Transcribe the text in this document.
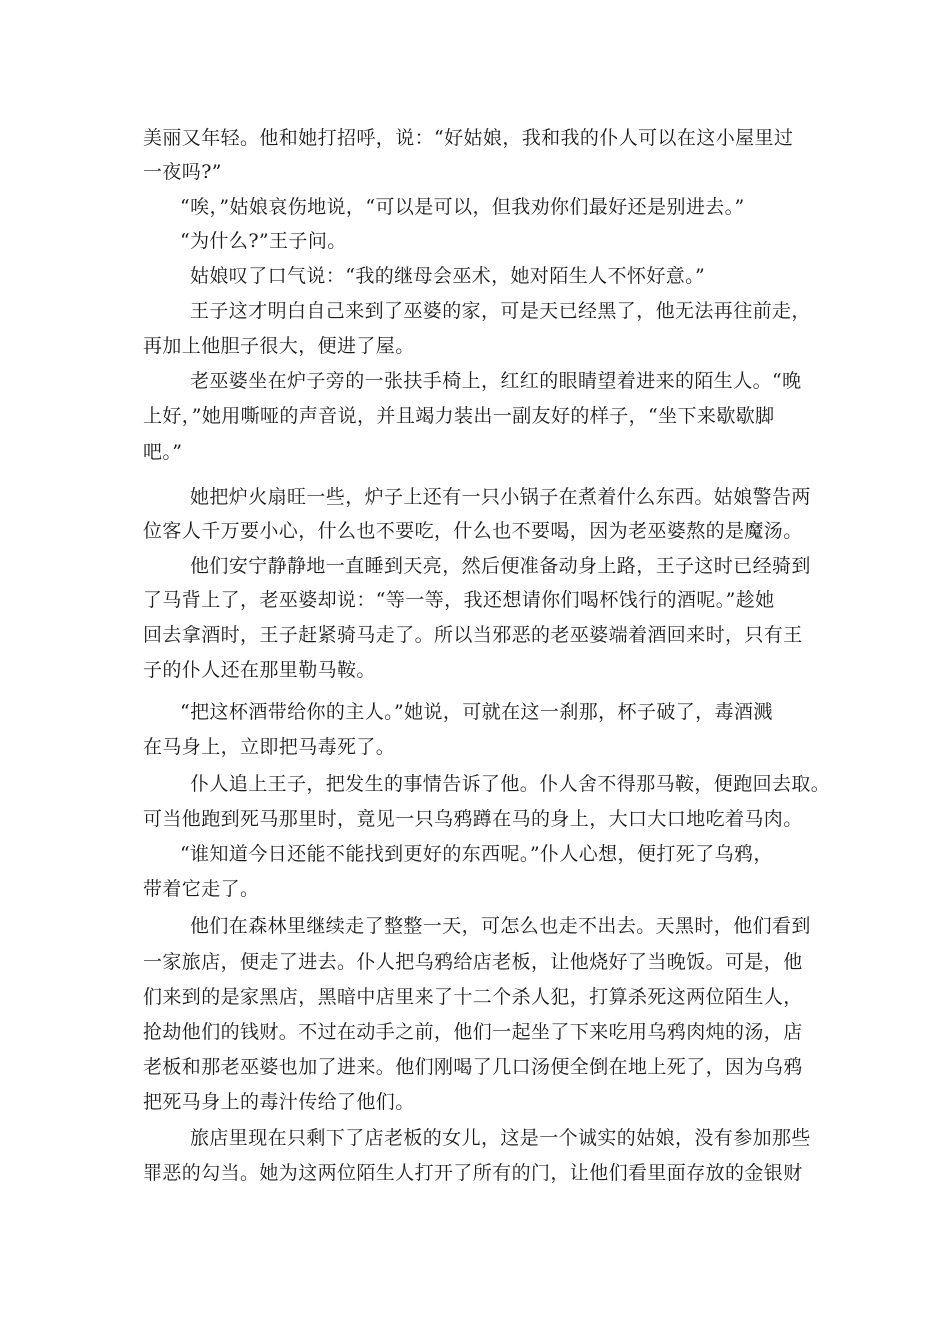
美丽又年轻。他和她打招呼，说：“好姑娘，我和我的仆人可以在这小屋里过
一夜吗?”
“唉，”姑娘哀伤地说，“可以是可以，但我劝你们最好还是别进去。”
“为什么?”王子问。
姑娘叹了口气说：“我的继母会巫术，她对陌生人不怀好意。”
王子这才明白自己来到了巫婆的家，可是天已经黑了，他无法再往前走，
再加上他胆子很大，便进了屋。
老巫婆坐在炉子旁的一张扶手椅上，红红的眼睛望着进来的陌生人。“晚
上好，”她用嘶哑的声音说，并且竭力装出一副友好的样子，“坐下来歇歇脚
吧。”
她把炉火扇旺一些，炉子上还有一只小锅子在煮着什么东西。姑娘警告两
位客人千万要小心，什么也不要吃，什么也不要喝，因为老巫婆熬的是魔汤。
他们安宁静静地一直睡到天亮，然后便准备动身上路，王子这时已经骑到
了马背上了，老巫婆却说：“等一等，我还想请你们喝杯饯行的酒呢。”趁她
回去拿酒时，王子赶紧骑马走了。所以当邪恶的老巫婆端着酒回来时，只有王
子的仆人还在那里勒马鞍。
“把这杯酒带给你的主人。”她说，可就在这一刹那，杯子破了，毒酒溅
在马身上，立即把马毒死了。
仆人追上王子，把发生的事情告诉了他。仆人舍不得那马鞍，便跑回去取。
可当他跑到死马那里时，竟见一只乌鸦蹲在马的身上，大口大口地吃着马肉。
“谁知道今日还能不能找到更好的东西呢。”仆人心想，便打死了乌鸦，
带着它走了。
他们在森林里继续走了整整一天，可怎么也走不出去。天黑时，他们看到
一家旅店，便走了进去。仆人把乌鸦给店老板，让他烧好了当晚饭。可是，他
们来到的是家黑店，黑暗中店里来了十二个杀人犯，打算杀死这两位陌生人，
抢劫他们的钱财。不过在动手之前，他们一起坐了下来吃用乌鸦肉炖的汤，店
老板和那老巫婆也加了进来。他们刚喝了几口汤便全倒在地上死了，因为乌鸦
把死马身上的毒汁传给了他们。
旅店里现在只剩下了店老板的女儿，这是一个诚实的姑娘，没有参加那些
罪恶的勾当。她为这两位陌生人打开了所有的门，让他们看里面存放的金银财
